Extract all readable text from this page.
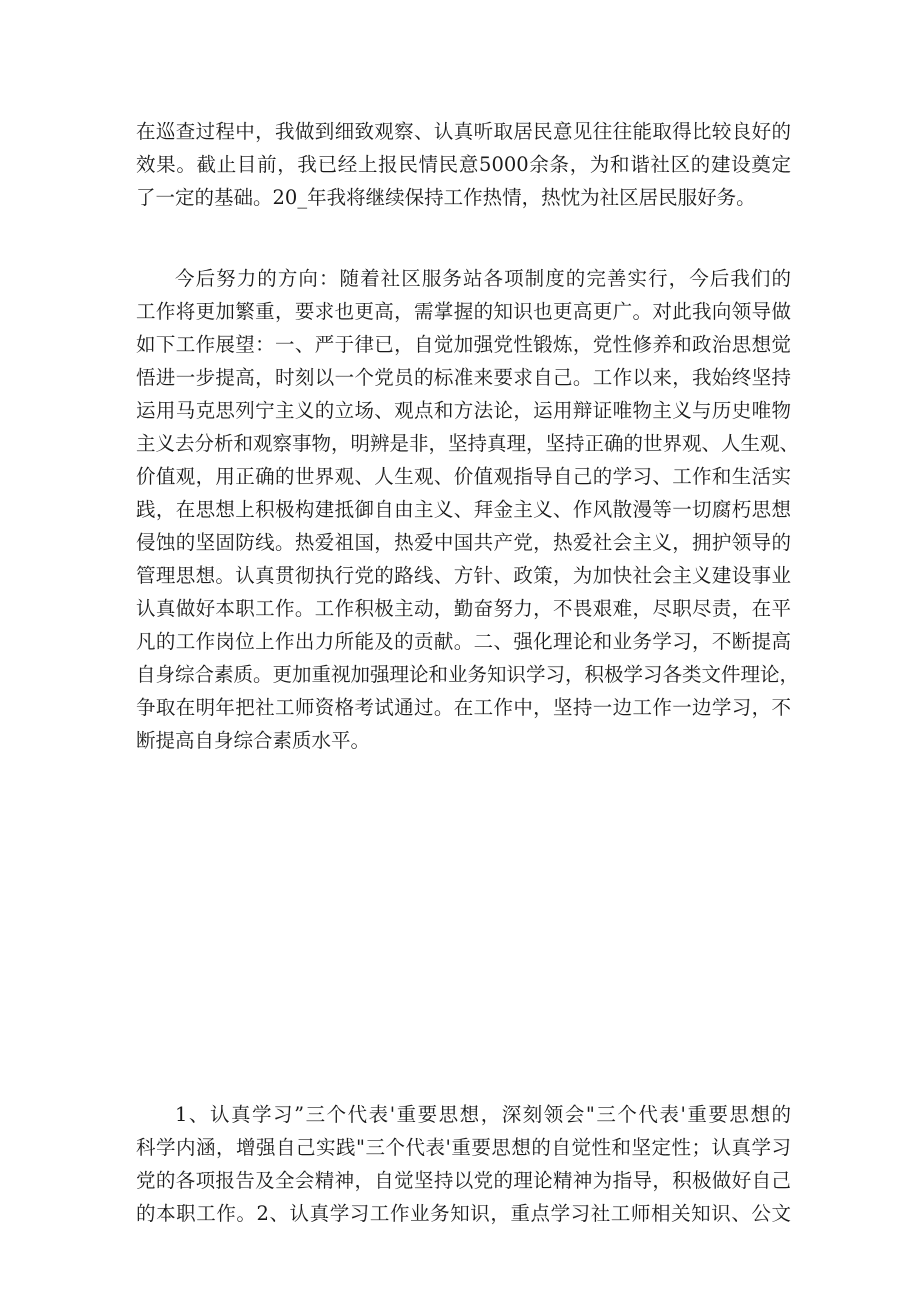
在巡查过程中，我做到细致观察、认真听取居民意见往往能取得比较良好的
效果。截止目前，我已经上报民情民意5000余条，为和谐社区的建设奠定
了一定的基础。20_年我将继续保持工作热情，热忱为社区居民服好务。
今后努力的方向：随着社区服务站各项制度的完善实行，今后我们的
工作将更加繁重，要求也更高，需掌握的知识也更高更广。对此我向领导做
如下工作展望：一、严于律已，自觉加强党性锻炼，党性修养和政治思想觉
悟进一步提高，时刻以一个党员的标准来要求自己。工作以来，我始终坚持
运用马克思列宁主义的立场、观点和方法论，运用辩证唯物主义与历史唯物
主义去分析和观察事物，明辨是非，坚持真理，坚持正确的世界观、人生观、
价值观，用正确的世界观、人生观、价值观指导自己的学习、工作和生活实
践，在思想上积极构建抵御自由主义、拜金主义、作风散漫等一切腐朽思想
侵蚀的坚固防线。热爱祖国，热爱中国共产党，热爱社会主义，拥护领导的
管理思想。认真贯彻执行党的路线、方针、政策，为加快社会主义建设事业
认真做好本职工作。工作积极主动，勤奋努力，不畏艰难，尽职尽责，在平
凡的工作岗位上作出力所能及的贡献。二、强化理论和业务学习，不断提高
自身综合素质。更加重视加强理论和业务知识学习，积极学习各类文件理论，
争取在明年把社工师资格考试通过。在工作中，坚持一边工作一边学习，不
断提高自身综合素质水平。
1、认真学习”三个代表'重要思想，深刻领会"三个代表'重要思想的
科学内涵，增强自己实践"三个代表'重要思想的自觉性和坚定性；认真学习
党的各项报告及全会精神，自觉坚持以党的理论精神为指导，积极做好自己
的本职工作。2、认真学习工作业务知识，重点学习社工师相关知识、公文
